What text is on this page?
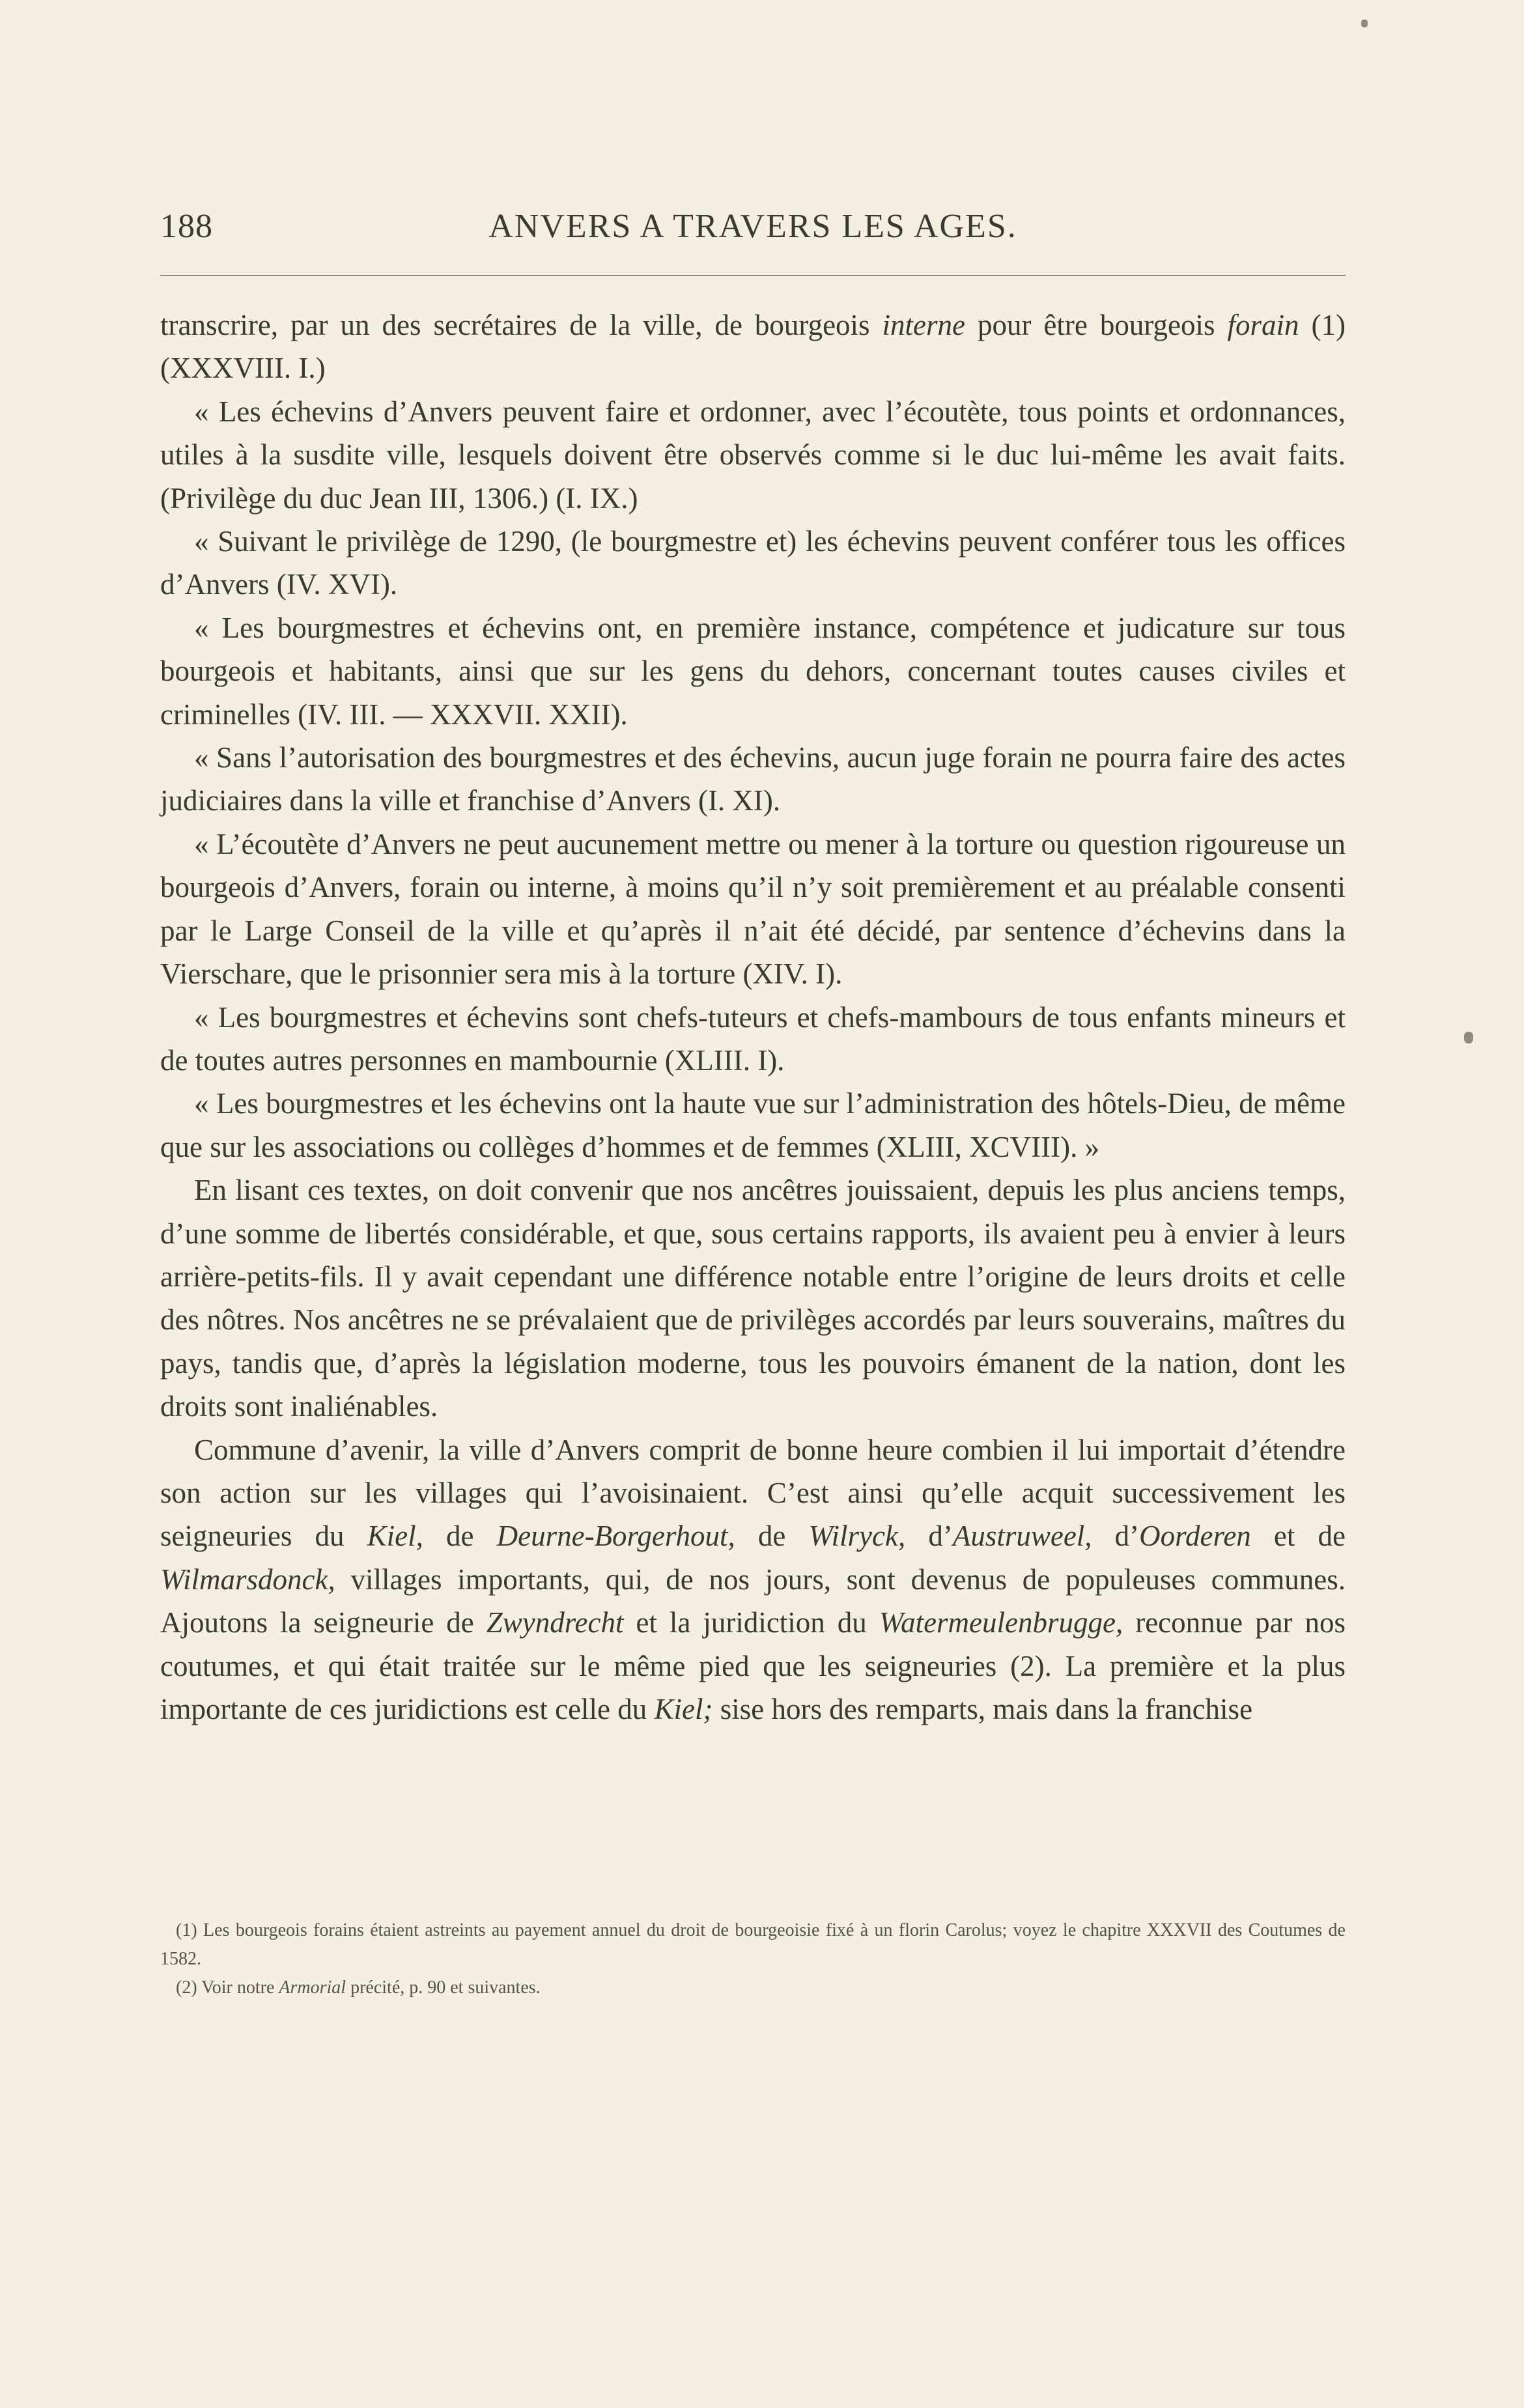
188	ANVERS A TRAVERS LES AGES.

transcrire, par un des secrétaires de la ville, de bourgeois interne pour être bourgeois forain (1) (XXXVIII. I.)

« Les échevins d’Anvers peuvent faire et ordonner, avec l’écoutète, tous points et ordonnances, utiles à la susdite ville, lesquels doivent être observés comme si le duc lui-même les avait faits. (Privilège du duc Jean III, 1306.) (I. IX.)

« Suivant le privilège de 1290, (le bourgmestre et) les échevins peuvent conférer tous les offices d’Anvers (IV. XVI).

« Les bourgmestres et échevins ont, en première instance, compétence et judicature sur tous bourgeois et habitants, ainsi que sur les gens du dehors, concernant toutes causes civiles et criminelles (IV. III. — XXXVII. XXII).

« Sans l’autorisation des bourgmestres et des échevins, aucun juge forain ne pourra faire des actes judiciaires dans la ville et franchise d’Anvers (I. XI).

« L’écoutète d’Anvers ne peut aucunement mettre ou mener à la torture ou question rigoureuse un bourgeois d’Anvers, forain ou interne, à moins qu’il n’y soit premièrement et au préalable consenti par le Large Conseil de la ville et qu’après il n’ait été décidé, par sentence d’échevins dans la Vierschare, que le prisonnier sera mis à la torture (XIV. I).

« Les bourgmestres et échevins sont chefs-tuteurs et chefs-mambours de tous enfants mineurs et de toutes autres personnes en mambournie (XLIII. I).

« Les bourgmestres et les échevins ont la haute vue sur l’administration des hôtels-Dieu, de même que sur les associations ou collèges d’hommes et de femmes (XLIII, XCVIII). »

En lisant ces textes, on doit convenir que nos ancêtres jouissaient, depuis les plus anciens temps, d’une somme de libertés considérable, et que, sous certains rapports, ils avaient peu à envier à leurs arrière-petits-fils. Il y avait cependant une différence notable entre l’origine de leurs droits et celle des nôtres. Nos ancêtres ne se prévalaient que de privilèges accordés par leurs souverains, maîtres du pays, tandis que, d’après la législation moderne, tous les pouvoirs émanent de la nation, dont les droits sont inaliénables.

Commune d’avenir, la ville d’Anvers comprit de bonne heure combien il lui importait d’étendre son action sur les villages qui l’avoisinaient. C’est ainsi qu’elle acquit successivement les seigneuries du Kiel, de Deurne-Borgerhout, de Wilryck, d’Austruweel, d’Oorderen et de Wilmarsdonck, villages importants, qui, de nos jours, sont devenus de populeuses communes. Ajoutons la seigneurie de Zwyndrecht et la juridiction du Watermeulenbrugge, reconnue par nos coutumes, et qui était traitée sur le même pied que les seigneuries (2). La première et la plus importante de ces juridictions est celle du Kiel; sise hors des remparts, mais dans la franchise

(1) Les bourgeois forains étaient astreints au payement annuel du droit de bourgeoisie fixé à un florin Carolus; voyez le chapitre XXXVII des Coutumes de 1582.

(2) Voir notre Armorial précité, p. 90 et suivantes.
